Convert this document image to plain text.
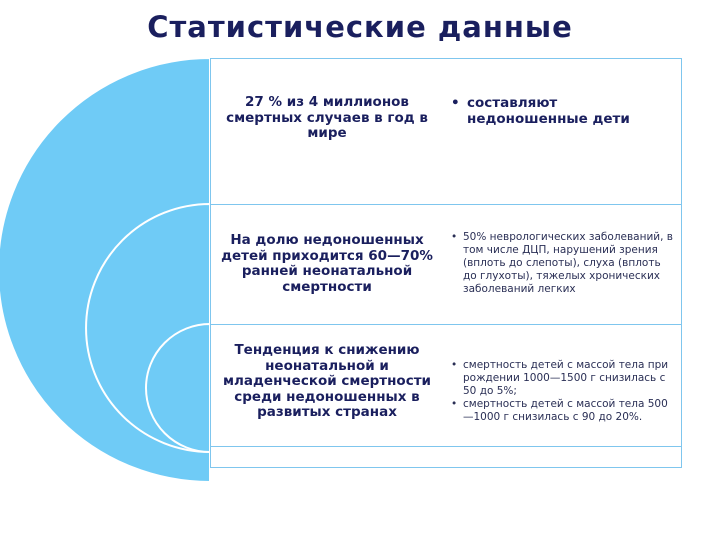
Статистические данные
27 % из 4 миллионов смертных случаев в год в мире
• составляют недоношенные дети
На долю недоношенных детей приходится 60—70% ранней неонатальной смертности
• 50% неврологических заболеваний, в том числе ДЦП, нарушений зрения (вплоть до слепоты), слуха (вплоть до глухоты), тяжелых хронических заболеваний легких
Тенденция к снижению неонатальной и младенческой смертности среди недоношенных в развитых странах
• смертность детей с массой тела при рождении 1000—1500 г снизилась с 50 до 5%;
• смертность детей с массой тела 500—1000 г снизилась с 90 до 20%.
